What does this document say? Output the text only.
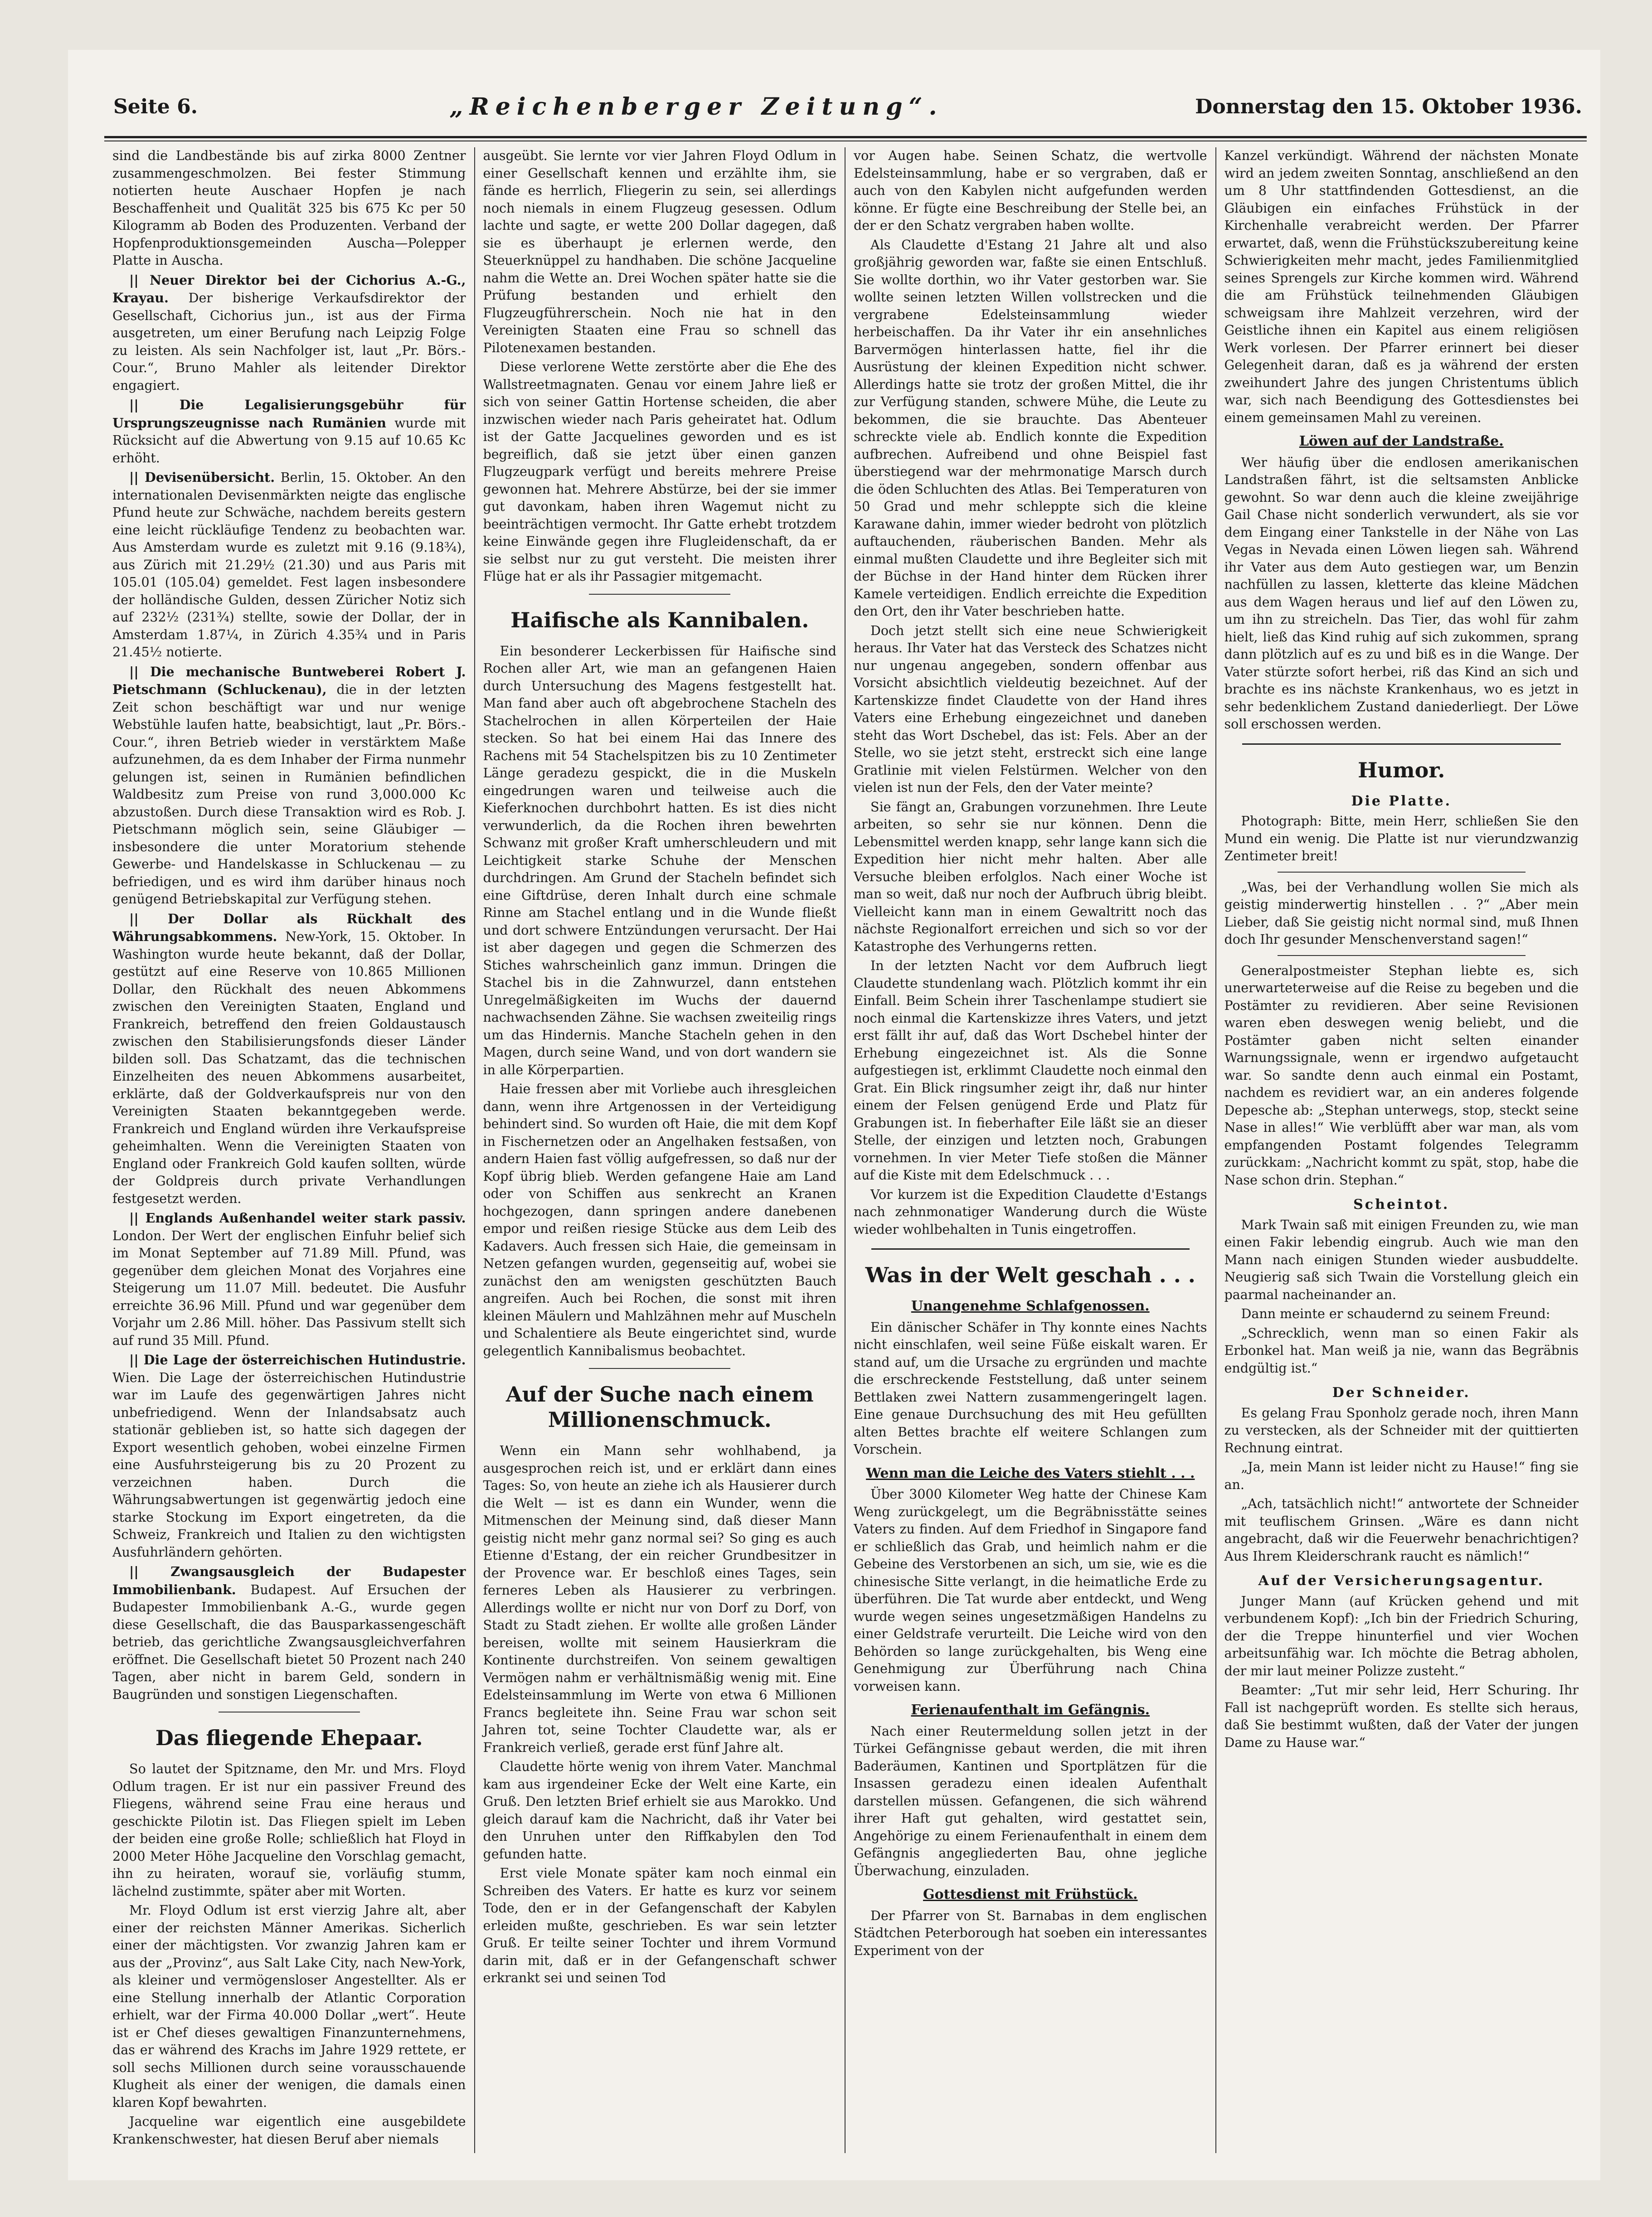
Seite 6.	„Reichenberger Zeitung“.	Donnerstag den 15. Oktober 1936.

sind die Landbestände bis auf zirka 8000 Zentner zusammengeschmolzen. Bei fester Stimmung notierten heute Auschaer Hopfen je nach Beschaffenheit und Qualität 325 bis 675 Kc per 50 Kilogramm ab Boden des Produzenten. Verband der Hopfenproduktionsgemeinden Auscha—Polepper Platte in Auscha.

|| Neuer Direktor bei der Cichorius A.-G., Krayau. Der bisherige Verkaufsdirektor der Gesellschaft, Cichorius jun., ist aus der Firma ausgetreten, um einer Berufung nach Leipzig Folge zu leisten. Als sein Nachfolger ist, laut „Pr. Börs.-Cour.“, Bruno Mahler als leitender Direktor engagiert.

|| Die Legalisierungsgebühr für Ursprungszeugnisse nach Rumänien wurde mit Rücksicht auf die Abwertung von 9.15 auf 10.65 Kc erhöht.

|| Devisenübersicht. Berlin, 15. Oktober. An den internationalen Devisenmärkten neigte das englische Pfund heute zur Schwäche, nachdem bereits gestern eine leicht rückläufige Tendenz zu beobachten war. Aus Amsterdam wurde es zuletzt mit 9.16 (9.18¾), aus Zürich mit 21.29½ (21.30) und aus Paris mit 105.01 (105.04) gemeldet. Fest lagen insbesondere der holländische Gulden, dessen Züricher Notiz sich auf 232½ (231¾) stellte, sowie der Dollar, der in Amsterdam 1.87¼, in Zürich 4.35¾ und in Paris 21.45½ notierte.

|| Die mechanische Buntweberei Robert J. Pietschmann (Schluckenau), die in der letzten Zeit schon beschäftigt war und nur wenige Webstühle laufen hatte, beabsichtigt, laut „Pr. Börs.-Cour.“, ihren Betrieb wieder in verstärktem Maße aufzunehmen, da es dem Inhaber der Firma nunmehr gelungen ist, seinen in Rumänien befindlichen Waldbesitz zum Preise von rund 3,000.000 Kc abzustoßen. Durch diese Transaktion wird es Rob. J. Pietschmann möglich sein, seine Gläubiger — insbesondere die unter Moratorium stehende Gewerbe- und Handelskasse in Schluckenau — zu befriedigen, und es wird ihm darüber hinaus noch genügend Betriebskapital zur Verfügung stehen.

|| Der Dollar als Rückhalt des Währungsabkommens. New-York, 15. Oktober. In Washington wurde heute bekannt, daß der Dollar, gestützt auf eine Reserve von 10.865 Millionen Dollar, den Rückhalt des neuen Abkommens zwischen den Vereinigten Staaten, England und Frankreich, betreffend den freien Goldaustausch zwischen den Stabilisierungsfonds dieser Länder bilden soll. Das Schatzamt, das die technischen Einzelheiten des neuen Abkommens ausarbeitet, erklärte, daß der Goldverkaufspreis nur von den Vereinigten Staaten bekanntgegeben werde. Frankreich und England würden ihre Verkaufspreise geheimhalten. Wenn die Vereinigten Staaten von England oder Frankreich Gold kaufen sollten, würde der Goldpreis durch private Verhandlungen festgesetzt werden.

|| Englands Außenhandel weiter stark passiv. London. Der Wert der englischen Einfuhr belief sich im Monat September auf 71.89 Mill. Pfund, was gegenüber dem gleichen Monat des Vorjahres eine Steigerung um 11.07 Mill. bedeutet. Die Ausfuhr erreichte 36.96 Mill. Pfund und war gegenüber dem Vorjahr um 2.86 Mill. höher. Das Passivum stellt sich auf rund 35 Mill. Pfund.

|| Die Lage der österreichischen Hutindustrie. Wien. Die Lage der österreichischen Hutindustrie war im Laufe des gegenwärtigen Jahres nicht unbefriedigend. Wenn der Inlandsabsatz auch stationär geblieben ist, so hatte sich dagegen der Export wesentlich gehoben, wobei einzelne Firmen eine Ausfuhrsteigerung bis zu 20 Prozent zu verzeichnen haben. Durch die Währungsabwertungen ist gegenwärtig jedoch eine starke Stockung im Export eingetreten, da die Schweiz, Frankreich und Italien zu den wichtigsten Ausfuhrländern gehörten.

|| Zwangsausgleich der Budapester Immobilienbank. Budapest. Auf Ersuchen der Budapester Immobilienbank A.-G., wurde gegen diese Gesellschaft, die das Bausparkassengeschäft betrieb, das gerichtliche Zwangsausgleichverfahren eröffnet. Die Gesellschaft bietet 50 Prozent nach 240 Tagen, aber nicht in barem Geld, sondern in Baugründen und sonstigen Liegenschaften.

Das fliegende Ehepaar.

So lautet der Spitzname, den Mr. und Mrs. Floyd Odlum tragen. Er ist nur ein passiver Freund des Fliegens, während seine Frau eine heraus und geschickte Pilotin ist. Das Fliegen spielt im Leben der beiden eine große Rolle; schließlich hat Floyd in 2000 Meter Höhe Jacqueline den Vorschlag gemacht, ihn zu heiraten, worauf sie, vorläufig stumm, lächelnd zustimmte, später aber mit Worten.

Mr. Floyd Odlum ist erst vierzig Jahre alt, aber einer der reichsten Männer Amerikas. Sicherlich einer der mächtigsten. Vor zwanzig Jahren kam er aus der „Provinz“, aus Salt Lake City, nach New-York, als kleiner und vermögensloser Angestellter. Als er eine Stellung innerhalb der Atlantic Corporation erhielt, war der Firma 40.000 Dollar „wert“. Heute ist er Chef dieses gewaltigen Finanzunternehmens, das er während des Krachs im Jahre 1929 rettete, er soll sechs Millionen durch seine vorausschauende Klugheit als einer der wenigen, die damals einen klaren Kopf bewahrten.

Jacqueline war eigentlich eine ausgebildete Krankenschwester, hat diesen Beruf aber niemals

ausgeübt. Sie lernte vor vier Jahren Floyd Odlum in einer Gesellschaft kennen und erzählte ihm, sie fände es herrlich, Fliegerin zu sein, sei allerdings noch niemals in einem Flugzeug gesessen. Odlum lachte und sagte, er wette 200 Dollar dagegen, daß sie es überhaupt je erlernen werde, den Steuerknüppel zu handhaben. Die schöne Jacqueline nahm die Wette an. Drei Wochen später hatte sie die Prüfung bestanden und erhielt den Flugzeugführerschein. Noch nie hat in den Vereinigten Staaten eine Frau so schnell das Pilotenexamen bestanden.

Diese verlorene Wette zerstörte aber die Ehe des Wallstreetmagnaten. Genau vor einem Jahre ließ er sich von seiner Gattin Hortense scheiden, die aber inzwischen wieder nach Paris geheiratet hat. Odlum ist der Gatte Jacquelines geworden und es ist begreiflich, daß sie jetzt über einen ganzen Flugzeugpark verfügt und bereits mehrere Preise gewonnen hat. Mehrere Abstürze, bei der sie immer gut davonkam, haben ihren Wagemut nicht zu beeinträchtigen vermocht. Ihr Gatte erhebt trotzdem keine Einwände gegen ihre Flugleidenschaft, da er sie selbst nur zu gut versteht. Die meisten ihrer Flüge hat er als ihr Passagier mitgemacht.

Haifische als Kannibalen.

Ein besonderer Leckerbissen für Haifische sind Rochen aller Art, wie man an gefangenen Haien durch Untersuchung des Magens festgestellt hat. Man fand aber auch oft abgebrochene Stacheln des Stachelrochen in allen Körperteilen der Haie stecken. So hat bei einem Hai das Innere des Rachens mit 54 Stachelspitzen bis zu 10 Zentimeter Länge geradezu gespickt, die in die Muskeln eingedrungen waren und teilweise auch die Kieferknochen durchbohrt hatten. Es ist dies nicht verwunderlich, da die Rochen ihren bewehrten Schwanz mit großer Kraft umherschleudern und mit Leichtigkeit starke Schuhe der Menschen durchdringen. Am Grund der Stacheln befindet sich eine Giftdrüse, deren Inhalt durch eine schmale Rinne am Stachel entlang und in die Wunde fließt und dort schwere Entzündungen verursacht. Der Hai ist aber dagegen und gegen die Schmerzen des Stiches wahrscheinlich ganz immun. Dringen die Stachel bis in die Zahnwurzel, dann entstehen Unregelmäßigkeiten im Wuchs der dauernd nachwachsenden Zähne. Sie wachsen zweiteilig rings um das Hindernis. Manche Stacheln gehen in den Magen, durch seine Wand, und von dort wandern sie in alle Körperpartien.

Haie fressen aber mit Vorliebe auch ihresgleichen dann, wenn ihre Artgenossen in der Verteidigung behindert sind. So wurden oft Haie, die mit dem Kopf in Fischernetzen oder an Angelhaken festsaßen, von andern Haien fast völlig aufgefressen, so daß nur der Kopf übrig blieb. Werden gefangene Haie am Land oder von Schiffen aus senkrecht an Kranen hochgezogen, dann springen andere danebenen empor und reißen riesige Stücke aus dem Leib des Kadavers. Auch fressen sich Haie, die gemeinsam in Netzen gefangen wurden, gegenseitig auf, wobei sie zunächst den am wenigsten geschützten Bauch angreifen. Auch bei Rochen, die sonst mit ihren kleinen Mäulern und Mahlzähnen mehr auf Muscheln und Schalentiere als Beute eingerichtet sind, wurde gelegentlich Kannibalismus beobachtet.

Auf der Suche nach einem Millionenschmuck.

Wenn ein Mann sehr wohlhabend, ja ausgesprochen reich ist, und er erklärt dann eines Tages: So, von heute an ziehe ich als Hausierer durch die Welt — ist es dann ein Wunder, wenn die Mitmenschen der Meinung sind, daß dieser Mann geistig nicht mehr ganz normal sei? So ging es auch Etienne d'Estang, der ein reicher Grundbesitzer in der Provence war. Er beschloß eines Tages, sein ferneres Leben als Hausierer zu verbringen. Allerdings wollte er nicht nur von Dorf zu Dorf, von Stadt zu Stadt ziehen. Er wollte alle großen Länder bereisen, wollte mit seinem Hausierkram die Kontinente durchstreifen. Von seinem gewaltigen Vermögen nahm er verhältnismäßig wenig mit. Eine Edelsteinsammlung im Werte von etwa 6 Millionen Francs begleitete ihn. Seine Frau war schon seit Jahren tot, seine Tochter Claudette war, als er Frankreich verließ, gerade erst fünf Jahre alt.

Claudette hörte wenig von ihrem Vater. Manchmal kam aus irgendeiner Ecke der Welt eine Karte, ein Gruß. Den letzten Brief erhielt sie aus Marokko. Und gleich darauf kam die Nachricht, daß ihr Vater bei den Unruhen unter den Riffkabylen den Tod gefunden hatte.

Erst viele Monate später kam noch einmal ein Schreiben des Vaters. Er hatte es kurz vor seinem Tode, den er in der Gefangenschaft der Kabylen erleiden mußte, geschrieben. Es war sein letzter Gruß. Er teilte seiner Tochter und ihrem Vormund darin mit, daß er in der Gefangenschaft schwer erkrankt sei und seinen Tod

vor Augen habe. Seinen Schatz, die wertvolle Edelsteinsammlung, habe er so vergraben, daß er auch von den Kabylen nicht aufgefunden werden könne. Er fügte eine Beschreibung der Stelle bei, an der er den Schatz vergraben haben wollte.

Als Claudette d'Estang 21 Jahre alt und also großjährig geworden war, faßte sie einen Entschluß. Sie wollte dorthin, wo ihr Vater gestorben war. Sie wollte seinen letzten Willen vollstrecken und die vergrabene Edelsteinsammlung wieder herbeischaffen. Da ihr Vater ihr ein ansehnliches Barvermögen hinterlassen hatte, fiel ihr die Ausrüstung der kleinen Expedition nicht schwer. Allerdings hatte sie trotz der großen Mittel, die ihr zur Verfügung standen, schwere Mühe, die Leute zu bekommen, die sie brauchte. Das Abenteuer schreckte viele ab. Endlich konnte die Expedition aufbrechen. Aufreibend und ohne Beispiel fast überstiegend war der mehrmonatige Marsch durch die öden Schluchten des Atlas. Bei Temperaturen von 50 Grad und mehr schleppte sich die kleine Karawane dahin, immer wieder bedroht von plötzlich auftauchenden, räuberischen Banden. Mehr als einmal mußten Claudette und ihre Begleiter sich mit der Büchse in der Hand hinter dem Rücken ihrer Kamele verteidigen. Endlich erreichte die Expedition den Ort, den ihr Vater beschrieben hatte.

Doch jetzt stellt sich eine neue Schwierigkeit heraus. Ihr Vater hat das Versteck des Schatzes nicht nur ungenau angegeben, sondern offenbar aus Vorsicht absichtlich vieldeutig bezeichnet. Auf der Kartenskizze findet Claudette von der Hand ihres Vaters eine Erhebung eingezeichnet und daneben steht das Wort Dschebel, das ist: Fels. Aber an der Stelle, wo sie jetzt steht, erstreckt sich eine lange Gratlinie mit vielen Felstürmen. Welcher von den vielen ist nun der Fels, den der Vater meinte?

Sie fängt an, Grabungen vorzunehmen. Ihre Leute arbeiten, so sehr sie nur können. Denn die Lebensmittel werden knapp, sehr lange kann sich die Expedition hier nicht mehr halten. Aber alle Versuche bleiben erfolglos. Nach einer Woche ist man so weit, daß nur noch der Aufbruch übrig bleibt. Vielleicht kann man in einem Gewaltritt noch das nächste Regionalfort erreichen und sich so vor der Katastrophe des Verhungerns retten.

In der letzten Nacht vor dem Aufbruch liegt Claudette stundenlang wach. Plötzlich kommt ihr ein Einfall. Beim Schein ihrer Taschenlampe studiert sie noch einmal die Kartenskizze ihres Vaters, und jetzt erst fällt ihr auf, daß das Wort Dschebel hinter der Erhebung eingezeichnet ist. Als die Sonne aufgestiegen ist, erklimmt Claudette noch einmal den Grat. Ein Blick ringsumher zeigt ihr, daß nur hinter einem der Felsen genügend Erde und Platz für Grabungen ist. In fieberhafter Eile läßt sie an dieser Stelle, der einzigen und letzten noch, Grabungen vornehmen. In vier Meter Tiefe stoßen die Männer auf die Kiste mit dem Edelschmuck . . .

Vor kurzem ist die Expedition Claudette d'Estangs nach zehnmonatiger Wanderung durch die Wüste wieder wohlbehalten in Tunis eingetroffen.

Was in der Welt geschah . . .
Unangenehme Schlafgenossen.

Ein dänischer Schäfer in Thy konnte eines Nachts nicht einschlafen, weil seine Füße eiskalt waren. Er stand auf, um die Ursache zu ergründen und machte die erschreckende Feststellung, daß unter seinem Bettlaken zwei Nattern zusammengeringelt lagen. Eine genaue Durchsuchung des mit Heu gefüllten alten Bettes brachte elf weitere Schlangen zum Vorschein.

Wenn man die Leiche des Vaters stiehlt . . .

Über 3000 Kilometer Weg hatte der Chinese Kam Weng zurückgelegt, um die Begräbnisstätte seines Vaters zu finden. Auf dem Friedhof in Singapore fand er schließlich das Grab, und heimlich nahm er die Gebeine des Verstorbenen an sich, um sie, wie es die chinesische Sitte verlangt, in die heimatliche Erde zu überführen. Die Tat wurde aber entdeckt, und Weng wurde wegen seines ungesetzmäßigen Handelns zu einer Geldstrafe verurteilt. Die Leiche wird von den Behörden so lange zurückgehalten, bis Weng eine Genehmigung zur Überführung nach China vorweisen kann.

Ferienaufenthalt im Gefängnis.

Nach einer Reutermeldung sollen jetzt in der Türkei Gefängnisse gebaut werden, die mit ihren Baderäumen, Kantinen und Sportplätzen für die Insassen geradezu einen idealen Aufenthalt darstellen müssen. Gefangenen, die sich während ihrer Haft gut gehalten, wird gestattet sein, Angehörige zu einem Ferienaufenthalt in einem dem Gefängnis angegliederten Bau, ohne jegliche Überwachung, einzuladen.

Gottesdienst mit Frühstück.

Der Pfarrer von St. Barnabas in dem englischen Städtchen Peterborough hat soeben ein interessantes Experiment von der

Kanzel verkündigt. Während der nächsten Monate wird an jedem zweiten Sonntag, anschließend an den um 8 Uhr stattfindenden Gottesdienst, an die Gläubigen ein einfaches Frühstück in der Kirchenhalle verabreicht werden. Der Pfarrer erwartet, daß, wenn die Frühstückszubereitung keine Schwierigkeiten mehr macht, jedes Familienmitglied seines Sprengels zur Kirche kommen wird. Während die am Frühstück teilnehmenden Gläubigen schweigsam ihre Mahlzeit verzehren, wird der Geistliche ihnen ein Kapitel aus einem religiösen Werk vorlesen. Der Pfarrer erinnert bei dieser Gelegenheit daran, daß es ja während der ersten zweihundert Jahre des jungen Christentums üblich war, sich nach Beendigung des Gottesdienstes bei einem gemeinsamen Mahl zu vereinen.

Löwen auf der Landstraße.

Wer häufig über die endlosen amerikanischen Landstraßen fährt, ist die seltsamsten Anblicke gewohnt. So war denn auch die kleine zweijährige Gail Chase nicht sonderlich verwundert, als sie vor dem Eingang einer Tankstelle in der Nähe von Las Vegas in Nevada einen Löwen liegen sah. Während ihr Vater aus dem Auto gestiegen war, um Benzin nachfüllen zu lassen, kletterte das kleine Mädchen aus dem Wagen heraus und lief auf den Löwen zu, um ihn zu streicheln. Das Tier, das wohl für zahm hielt, ließ das Kind ruhig auf sich zukommen, sprang dann plötzlich auf es zu und biß es in die Wange. Der Vater stürzte sofort herbei, riß das Kind an sich und brachte es ins nächste Krankenhaus, wo es jetzt in sehr bedenklichem Zustand daniederliegt. Der Löwe soll erschossen werden.

Humor.
Die Platte.

Photograph: Bitte, mein Herr, schließen Sie den Mund ein wenig. Die Platte ist nur vierundzwanzig Zentimeter breit!

„Was, bei der Verhandlung wollen Sie mich als geistig minderwertig hinstellen . . ?“ „Aber mein Lieber, daß Sie geistig nicht normal sind, muß Ihnen doch Ihr gesunder Menschenverstand sagen!“

Generalpostmeister Stephan liebte es, sich unerwarteterweise auf die Reise zu begeben und die Postämter zu revidieren. Aber seine Revisionen waren eben deswegen wenig beliebt, und die Postämter gaben nicht selten einander Warnungssignale, wenn er irgendwo aufgetaucht war. So sandte denn auch einmal ein Postamt, nachdem es revidiert war, an ein anderes folgende Depesche ab: „Stephan unterwegs, stop, steckt seine Nase in alles!“ Wie verblüfft aber war man, als vom empfangenden Postamt folgendes Telegramm zurückkam: „Nachricht kommt zu spät, stop, habe die Nase schon drin. Stephan.“

Scheintot.

Mark Twain saß mit einigen Freunden zu, wie man einen Fakir lebendig eingrub. Auch wie man den Mann nach einigen Stunden wieder ausbuddelte. Neugierig saß sich Twain die Vorstellung gleich ein paarmal nacheinander an.

Dann meinte er schaudernd zu seinem Freund:

„Schrecklich, wenn man so einen Fakir als Erbonkel hat. Man weiß ja nie, wann das Begräbnis endgültig ist.“

Der Schneider.

Es gelang Frau Sponholz gerade noch, ihren Mann zu verstecken, als der Schneider mit der quittierten Rechnung eintrat.

„Ja, mein Mann ist leider nicht zu Hause!“ fing sie an.

„Ach, tatsächlich nicht!“ antwortete der Schneider mit teuflischem Grinsen. „Wäre es dann nicht angebracht, daß wir die Feuerwehr benachrichtigen? Aus Ihrem Kleiderschrank raucht es nämlich!“

Auf der Versicherungsagentur.

Junger Mann (auf Krücken gehend und mit verbundenem Kopf): „Ich bin der Friedrich Schuring, der die Treppe hinunterfiel und vier Wochen arbeitsunfähig war. Ich möchte die Betrag abholen, der mir laut meiner Polizze zusteht.“

Beamter: „Tut mir sehr leid, Herr Schuring. Ihr Fall ist nachgeprüft worden. Es stellte sich heraus, daß Sie bestimmt wußten, daß der Vater der jungen Dame zu Hause war.“
